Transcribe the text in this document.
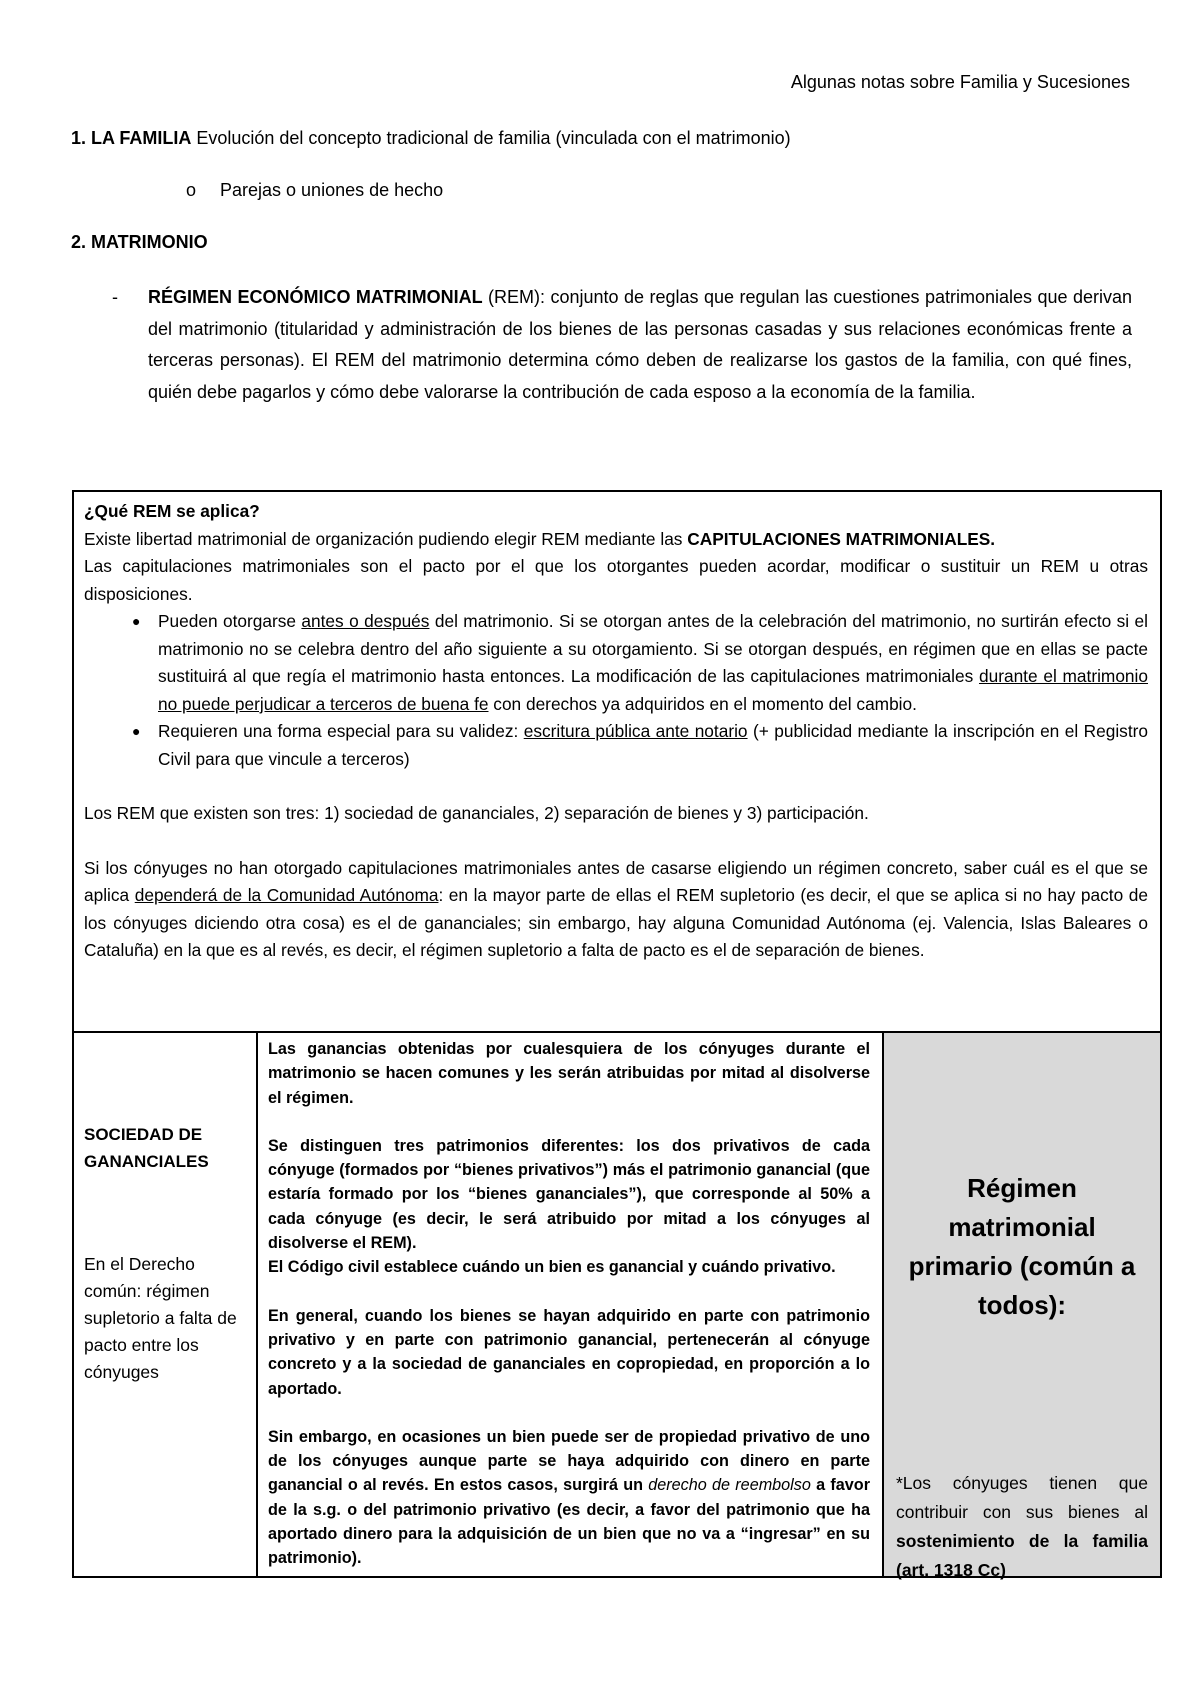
Algunas notas sobre Familia y Sucesiones
1. LA FAMILIA Evolución del concepto tradicional de familia (vinculada con el matrimonio)
o Parejas o uniones de hecho
2. MATRIMONIO
- RÉGIMEN ECONÓMICO MATRIMONIAL (REM): conjunto de reglas que regulan las cuestiones patrimoniales que derivan del matrimonio (titularidad y administración de los bienes de las personas casadas y sus relaciones económicas frente a terceras personas). El REM del matrimonio determina cómo deben de realizarse los gastos de la familia, con qué fines, quién debe pagarlos y cómo debe valorarse la contribución de cada esposo a la economía de la familia.

¿Qué REM se aplica?

Existe libertad matrimonial de organización pudiendo elegir REM mediante las CAPITULACIONES MATRIMONIALES.

Las capitulaciones matrimoniales son el pacto por el que los otorgantes pueden acordar, modificar o sustituir un REM u otras disposiciones.

● Pueden otorgarse antes o después del matrimonio. Si se otorgan antes de la celebración del matrimonio, no surtirán efecto si el matrimonio no se celebra dentro del año siguiente a su otorgamiento. Si se otorgan después, en régimen que en ellas se pacte sustituirá al que regía el matrimonio hasta entonces. La modificación de las capitulaciones matrimoniales durante el matrimonio no puede perjudicar a terceros de buena fe con derechos ya adquiridos en el momento del cambio.
● Requieren una forma especial para su validez: escritura pública ante notario (+ publicidad mediante la inscripción en el Registro Civil para que vincule a terceros)

Los REM que existen son tres: 1) sociedad de gananciales, 2) separación de bienes y 3) participación.

Si los cónyuges no han otorgado capitulaciones matrimoniales antes de casarse eligiendo un régimen concreto, saber cuál es el que se aplica dependerá de la Comunidad Autónoma: en la mayor parte de ellas el REM supletorio (es decir, el que se aplica si no hay pacto de los cónyuges diciendo otra cosa) es el de gananciales; sin embargo, hay alguna Comunidad Autónoma (ej. Valencia, Islas Baleares o Cataluña) en la que es al revés, es decir, el régimen supletorio a falta de pacto es el de separación de bienes.

SOCIEDAD DE GANANCIALES
En el Derecho común: régimen supletorio a falta de pacto entre los cónyuges

Las ganancias obtenidas por cualesquiera de los cónyuges durante el matrimonio se hacen comunes y les serán atribuidas por mitad al disolverse el régimen.

Se distinguen tres patrimonios diferentes: los dos privativos de cada cónyuge (formados por “bienes privativos”) más el patrimonio ganancial (que estaría formado por los “bienes gananciales”), que corresponde al 50% a cada cónyuge (es decir, le será atribuido por mitad a los cónyuges al disolverse el REM).

El Código civil establece cuándo un bien es ganancial y cuándo privativo.

En general, cuando los bienes se hayan adquirido en parte con patrimonio privativo y en parte con patrimonio ganancial, pertenecerán al cónyuge concreto y a la sociedad de gananciales en copropiedad, en proporción a lo aportado.

Sin embargo, en ocasiones un bien puede ser de propiedad privativo de uno de los cónyuges aunque parte se haya adquirido con dinero en parte ganancial o al revés. En estos casos, surgirá un derecho de reembolso a favor de la s.g. o del patrimonio privativo (es decir, a favor del patrimonio que ha aportado dinero para la adquisición de un bien que no va a “ingresar” en su patrimonio).

Régimen matrimonial primario (común a todos):
*Los cónyuges tienen que contribuir con sus bienes al sostenimiento de la familia (art. 1318 Cc)
